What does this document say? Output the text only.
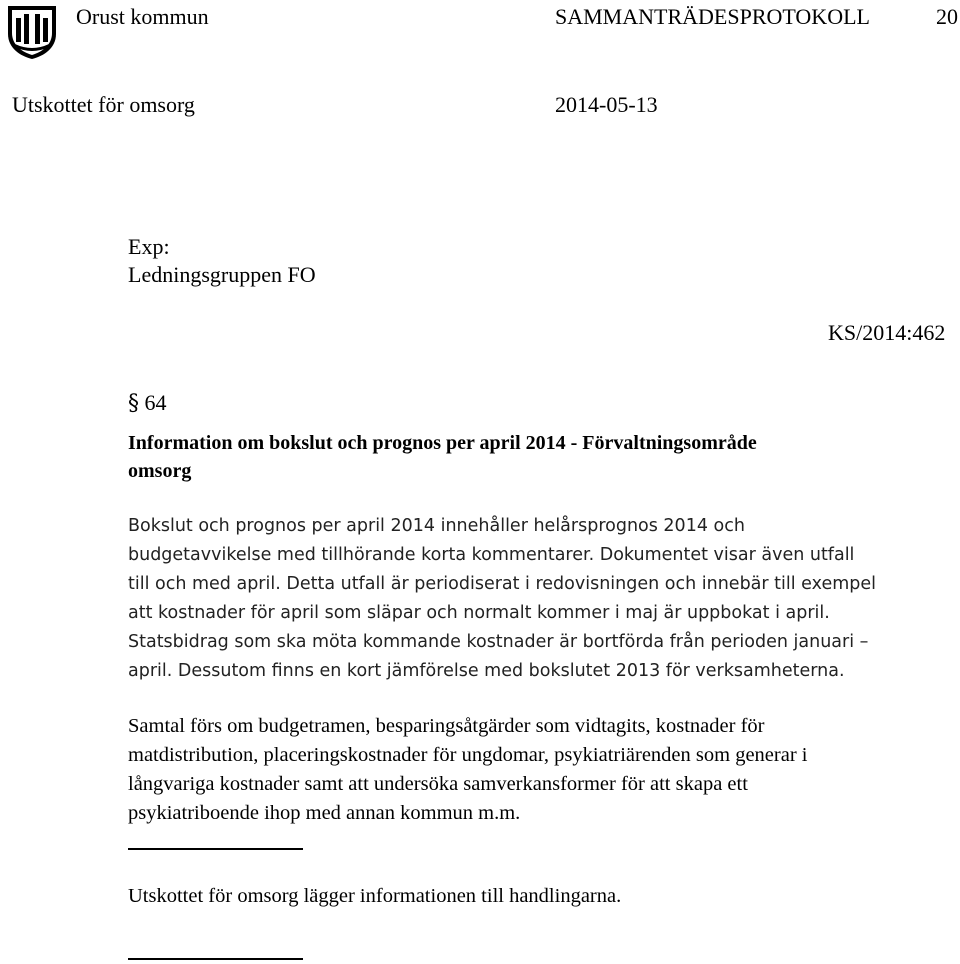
Orust kommun	SAMMANTRÄDESPROTOKOLL	20
Utskottet för omsorg	2014-05-13
Exp:
Ledningsgruppen FO
KS/2014:462
§ 64
Information om bokslut och prognos per april 2014 - Förvaltningsområde
omsorg

Bokslut och prognos per april 2014 innehåller helårsprognos 2014 och

budgetavvikelse med tillhörande korta kommentarer. Dokumentet visar även utfall

till och med april. Detta utfall är periodiserat i redovisningen och innebär till exempel

att kostnader för april som släpar och normalt kommer i maj är uppbokat i april.

Statsbidrag som ska möta kommande kostnader är bortförda från perioden januari –

april. Dessutom finns en kort jämförelse med bokslutet 2013 för verksamheterna.

Samtal förs om budgetramen, besparingsåtgärder som vidtagits, kostnader för

matdistribution, placeringskostnader för ungdomar, psykiatriärenden som generar i

långvariga kostnader samt att undersöka samverkansformer för att skapa ett

psykiatriboende ihop med annan kommun m.m.

Utskottet för omsorg lägger informationen till handlingarna.
